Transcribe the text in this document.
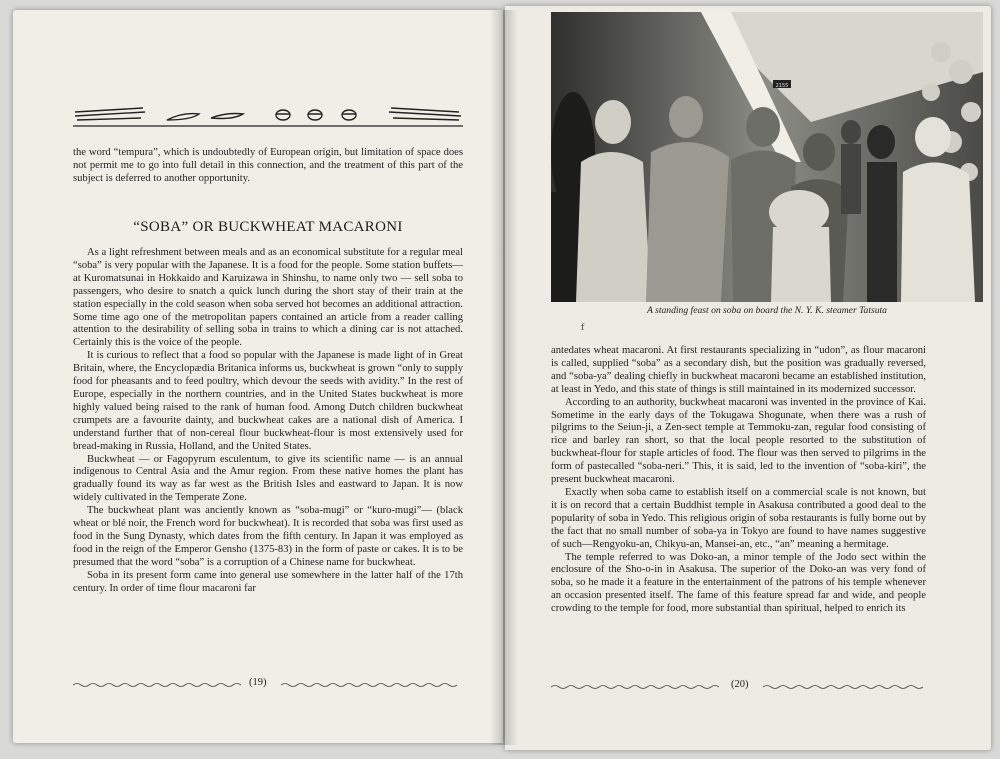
the word “tempura”, which is undoubtedly of European origin, but limitation of space does not permit me to go into full detail in this connection, and the treatment of this part of the subject is deferred to another opportunity.

“SOBA” OR BUCKWHEAT MACARONI

As a light refreshment between meals and as an economical substitute for a regular meal “soba” is very popular with the Japanese. It is a food for the people. Some station buffets— at Kuromatsunai in Hokkaido and Karuizawa in Shinshu, to name only two — sell soba to passengers, who desire to snatch a quick lunch during the short stay of their train at the station especially in the cold season when soba served hot becomes an additional attraction. Some time ago one of the metropolitan papers contained an article from a reader calling attention to the desirability of selling soba in trains to which a dining car is not attached. Certainly this is the voice of the people.

It is curious to reflect that a food so popular with the Japanese is made light of in Great Britain, where, the Encyclopædia Britanica informs us, buckwheat is grown “only to supply food for pheasants and to feed poultry, which devour the seeds with avidity.” In the rest of Europe, especially in the northern countries, and in the United States buckwheat is more highly valued being raised to the rank of human food. Among Dutch children buckwheat crumpets are a favourite dainty, and buckwheat cakes are a national dish of America. I understand further that of non-cereal flour buckwheat-flour is most extensively used for bread-making in Russia, Holland, and the United States.

Buckwheat — or Fagopyrum esculentum, to give its scientific name — is an annual indigenous to Central Asia and the Amur region. From these native homes the plant has gradually found its way as far west as the British Isles and eastward to Japan. It is now widely cultivated in the Temperate Zone.

The buckwheat plant was anciently known as “soba-mugi” or “kuro-mugi”— (black wheat or blé noir, the French word for buckwheat). It is recorded that soba was first used as food in the Sung Dynasty, which dates from the fifth century. In Japan it was employed as food in the reign of the Emperor Gensho (1375-83) in the form of paste or cakes. It is to be presumed that the word “soba” is a corruption of a Chinese name for buckwheat.

Soba in its present form came into general use somewhere in the latter half of the 17th century. In order of time flour macaroni far

(19)
2155
A standing feast on soba on board the N. Y. K. steamer Tatsuta
f

antedates wheat macaroni. At first restaurants specializing in “udon”, as flour macaroni is called, supplied “soba” as a secondary dish, but the position was gradually reversed, and “soba-ya” dealing chiefly in buckwheat macaroni became an established institution, at least in Yedo, and this state of things is still maintained in its modernized successor.

According to an authority, buckwheat macaroni was invented in the province of Kai. Sometime in the early days of the Tokugawa Shogunate, when there was a rush of pilgrims to the Seiun-ji, a Zen-sect temple at Temmoku-zan, regular food consisting of rice and barley ran short, so that the local people resorted to the substitution of buckwheat-flour for staple articles of food. The flour was then served to pilgrims in the form of pastecalled “soba-neri.” This, it is said, led to the invention of “soba-kiri”, the present buckwheat macaroni.

Exactly when soba came to establish itself on a commercial scale is not known, but it is on record that a certain Buddhist temple in Asakusa contributed a good deal to the popularity of soba in Yedo. This religious origin of soba restaurants is fully borne out by the fact that no small number of soba-ya in Tokyo are found to have names suggestive of such—Rengyoku-an, Chikyu-an, Mansei-an, etc., “an” meaning a hermitage.

The temple referred to was Doko-an, a minor temple of the Jodo sect within the enclosure of the Sho-o-in in Asakusa. The superior of the Doko-an was very fond of soba, so he made it a feature in the entertainment of the patrons of his temple whenever an occasion presented itself. The fame of this feature spread far and wide, and people crowding to the temple for food, more substantial than spiritual, helped to enrich its

(20)
